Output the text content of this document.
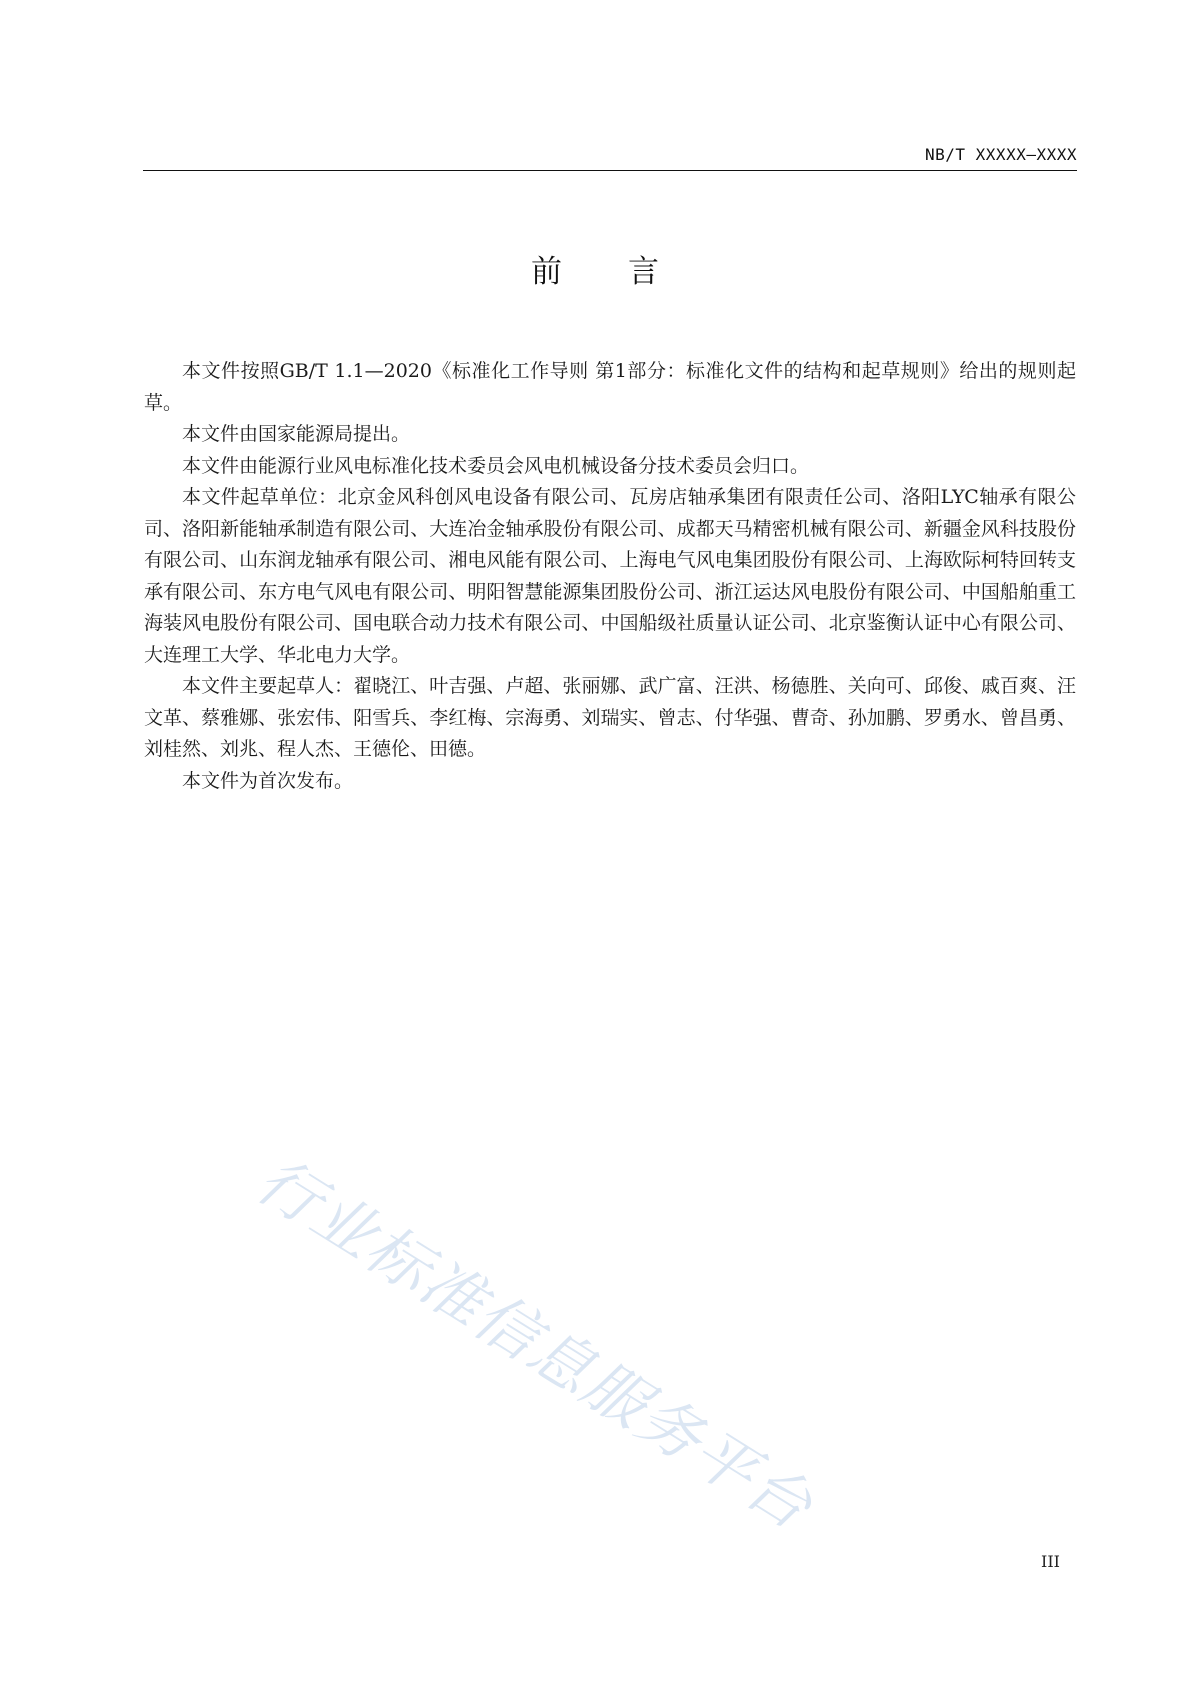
NB/T XXXXX—XXXX
前言

本文件按照GB/T 1.1—2020《标准化工作导则 第1部分：标准化文件的结构和起草规则》给出的规则起草。

本文件由国家能源局提出。

本文件由能源行业风电标准化技术委员会风电机械设备分技术委员会归口。

本文件起草单位：北京金风科创风电设备有限公司、瓦房店轴承集团有限责任公司、洛阳LYC轴承有限公司、洛阳新能轴承制造有限公司、大连冶金轴承股份有限公司、成都天马精密机械有限公司、新疆金风科技股份有限公司、山东润龙轴承有限公司、湘电风能有限公司、上海电气风电集团股份有限公司、上海欧际柯特回转支承有限公司、东方电气风电有限公司、明阳智慧能源集团股份公司、浙江运达风电股份有限公司、中国船舶重工海装风电股份有限公司、国电联合动力技术有限公司、中国船级社质量认证公司、北京鉴衡认证中心有限公司、大连理工大学、华北电力大学。

本文件主要起草人：翟晓江、叶吉强、卢超、张丽娜、武广富、汪洪、杨德胜、关向可、邱俊、戚百爽、汪文革、蔡雅娜、张宏伟、阳雪兵、李红梅、宗海勇、刘瑞实、曾志、付华强、曹奇、孙加鹏、罗勇水、曾昌勇、刘桂然、刘兆、程人杰、王德伦、田德。

本文件为首次发布。

行业标准信息服务平台
III
